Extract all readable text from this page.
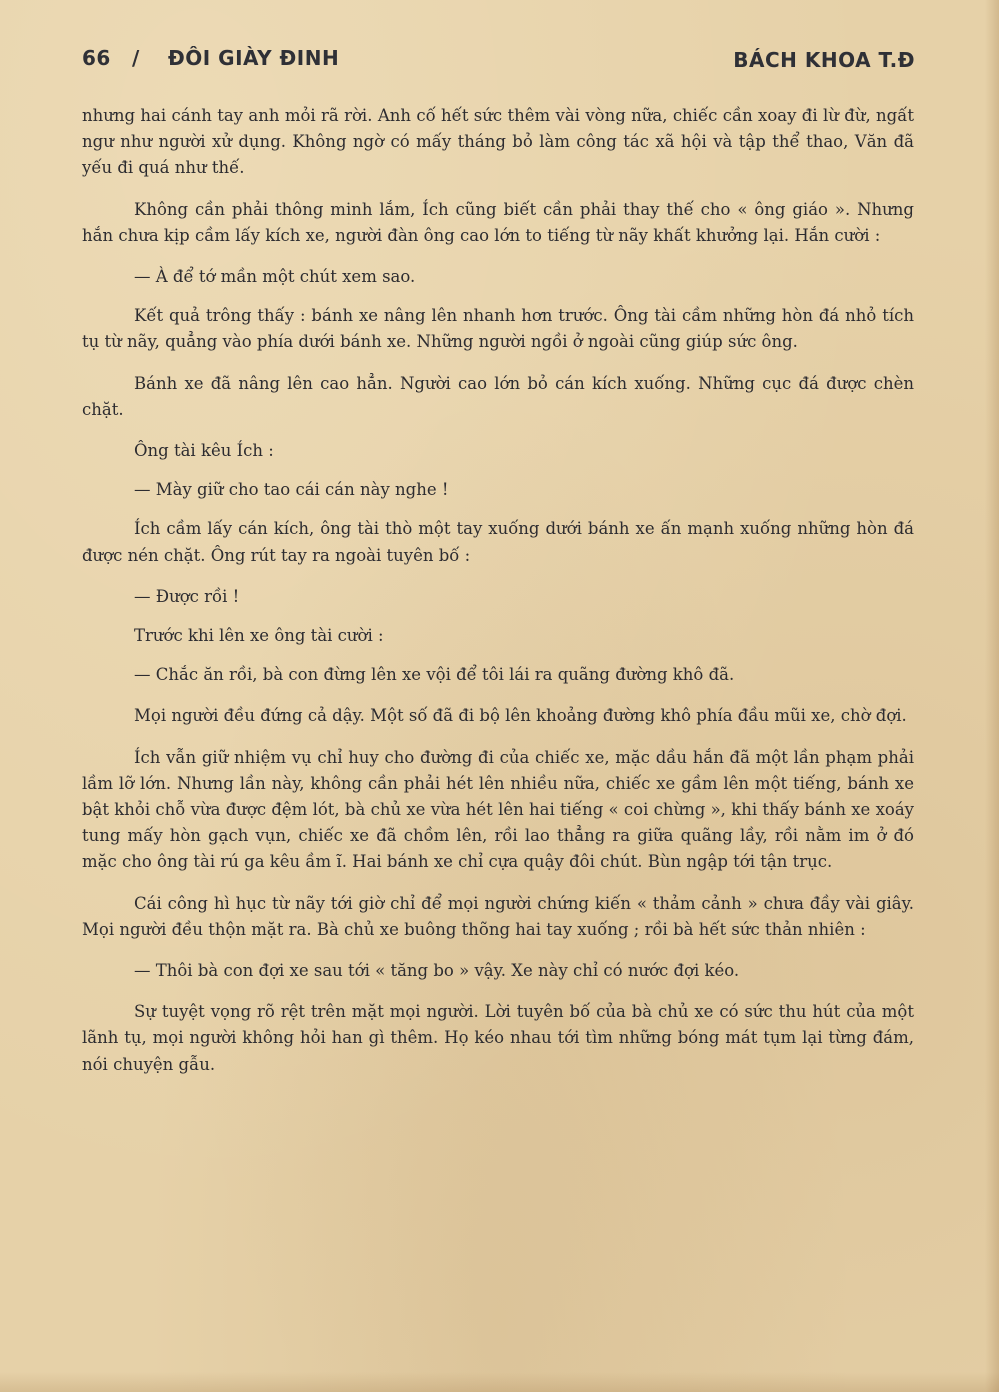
66 / ĐÔI GIÀY ĐINH	BÁCH KHOA T.Đ

nhưng hai cánh tay anh mỏi rã rời. Anh cố hết sức thêm vài vòng nữa, chiếc cần xoay đi lừ đừ, ngất ngư như người xử dụng. Không ngờ có mấy tháng bỏ làm công tác xã hội và tập thể thao, Văn đã yếu đi quá như thế.

Không cần phải thông minh lắm, Ích cũng biết cần phải thay thế cho « ông giáo ». Nhưng hắn chưa kịp cầm lấy kích xe, người đàn ông cao lớn to tiếng từ nãy khất khưởng lại. Hắn cười :

— À để tớ mần một chút xem sao.

Kết quả trông thấy : bánh xe nâng lên nhanh hơn trước. Ông tài cầm những hòn đá nhỏ tích tụ từ nãy, quẳng vào phía dưới bánh xe. Những người ngồi ở ngoài cũng giúp sức ông.

Bánh xe đã nâng lên cao hẳn. Người cao lớn bỏ cán kích xuống. Những cục đá được chèn chặt.

Ông tài kêu Ích :

— Mày giữ cho tao cái cán này nghe !

Ích cầm lấy cán kích, ông tài thò một tay xuống dưới bánh xe ấn mạnh xuống những hòn đá được nén chặt. Ông rút tay ra ngoài tuyên bố :

— Được rồi !

Trước khi lên xe ông tài cười :

— Chắc ăn rồi, bà con đừng lên xe vội để tôi lái ra quãng đường khô đã.

Mọi người đều đứng cả dậy. Một số đã đi bộ lên khoảng đường khô phía đầu mũi xe, chờ đợi.

Ích vẫn giữ nhiệm vụ chỉ huy cho đường đi của chiếc xe, mặc dầu hắn đã một lần phạm phải lầm lỡ lớn. Nhưng lần này, không cần phải hét lên nhiều nữa, chiếc xe gầm lên một tiếng, bánh xe bật khỏi chỗ vừa được đệm lót, bà chủ xe vừa hét lên hai tiếng « coi chừng », khi thấy bánh xe xoáy tung mấy hòn gạch vụn, chiếc xe đã chồm lên, rồi lao thẳng ra giữa quãng lầy, rồi nằm im ở đó mặc cho ông tài rú ga kêu ầm ĩ. Hai bánh xe chỉ cựa quậy đôi chút. Bùn ngập tới tận trục.

Cái công hì hục từ nãy tới giờ chỉ để mọi người chứng kiến « thảm cảnh » chưa đầy vài giây. Mọi người đều thộn mặt ra. Bà chủ xe buông thõng hai tay xuống ; rồi bà hết sức thản nhiên :

— Thôi bà con đợi xe sau tới « tăng bo » vậy. Xe này chỉ có nước đợi kéo.

Sự tuyệt vọng rõ rệt trên mặt mọi người. Lời tuyên bố của bà chủ xe có sức thu hút của một lãnh tụ, mọi người không hỏi han gì thêm. Họ kéo nhau tới tìm những bóng mát tụm lại từng đám, nói chuyện gẫu.
